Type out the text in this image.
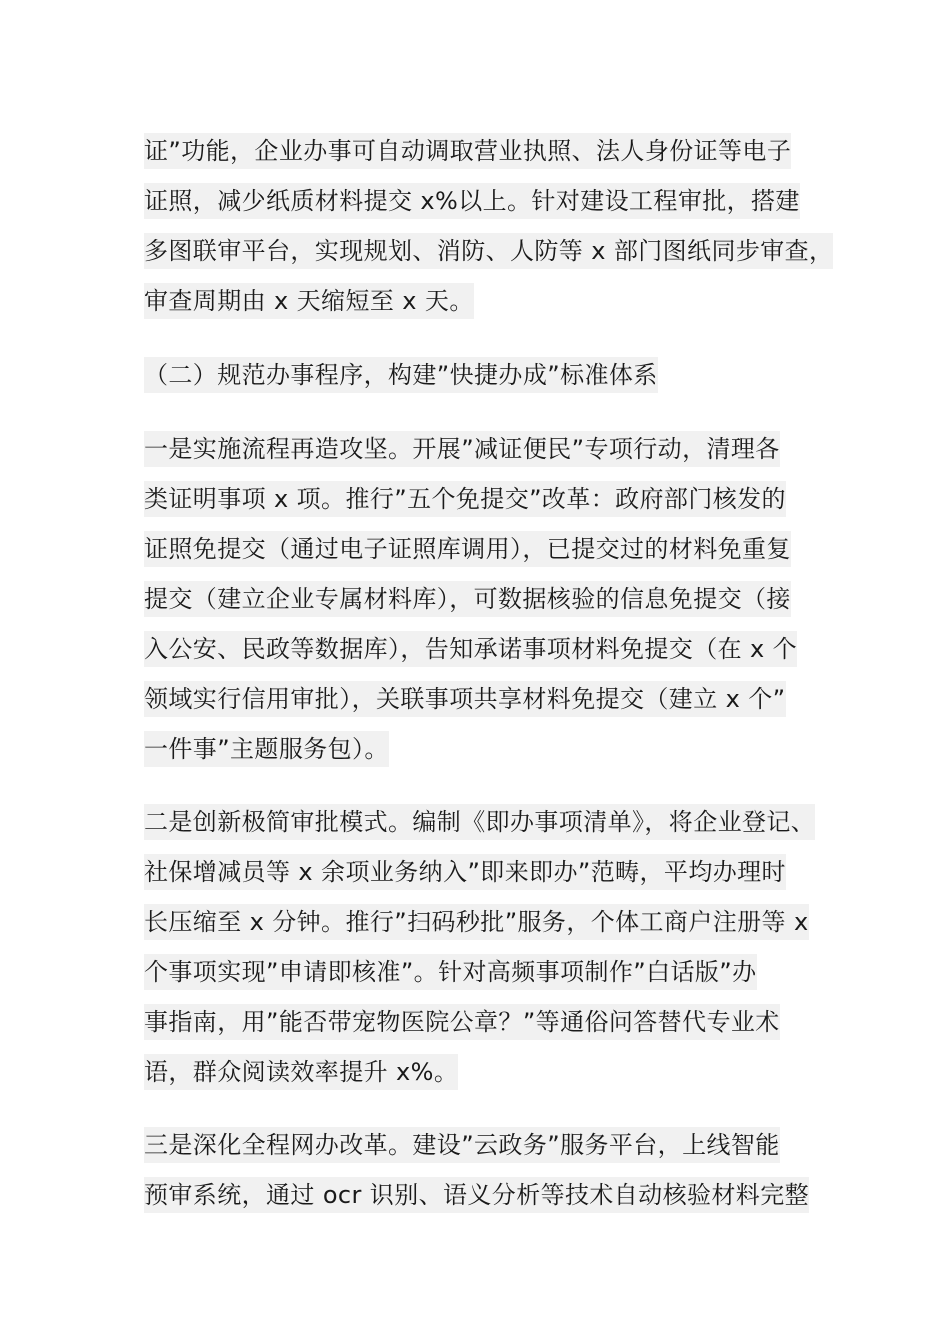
证”功能，企业办事可自动调取营业执照、法人身份证等电子
证照，减少纸质材料提交 x%以上。针对建设工程审批，搭建
多图联审平台，实现规划、消防、人防等 x 部门图纸同步审查，
审查周期由 x 天缩短至 x 天。
（二）规范办事程序，构建”快捷办成”标准体系
一是实施流程再造攻坚。开展”减证便民”专项行动，清理各
类证明事项 x 项。推行”五个免提交”改革：政府部门核发的
证照免提交（通过电子证照库调用），已提交过的材料免重复
提交（建立企业专属材料库），可数据核验的信息免提交（接
入公安、民政等数据库），告知承诺事项材料免提交（在 x 个
领域实行信用审批），关联事项共享材料免提交（建立 x 个”
一件事”主题服务包）。
二是创新极简审批模式。编制《即办事项清单》，将企业登记、
社保增减员等 x 余项业务纳入”即来即办”范畴，平均办理时
长压缩至 x 分钟。推行”扫码秒批”服务，个体工商户注册等 x
个事项实现”申请即核准”。针对高频事项制作”白话版”办
事指南，用”能否带宠物医院公章？”等通俗问答替代专业术
语，群众阅读效率提升 x%。
三是深化全程网办改革。建设”云政务”服务平台，上线智能
预审系统，通过 ocr 识别、语义分析等技术自动核验材料完整
